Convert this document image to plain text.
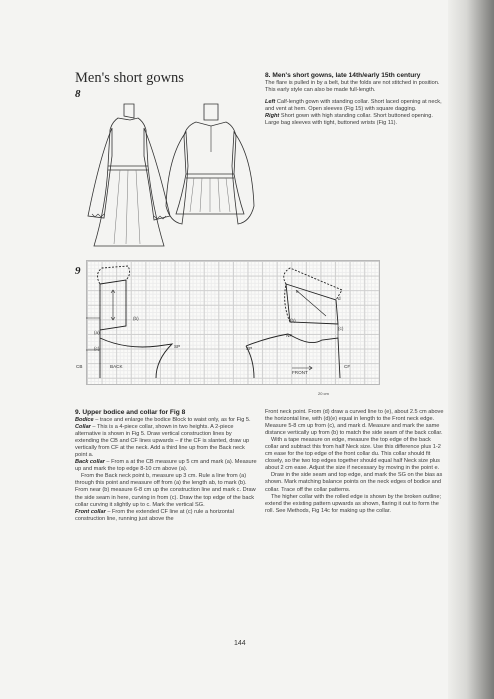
Men's short gowns
8
9
BACK
FRONT
CB	CF
SP	SP
NP
(a)
(b)
(c)
(b)
(c)
d
e
20 cm
8. Men's short gowns, late 14th/early 15th century

The flare is pulled in by a belt, but the folds are not stitched in position. This early style can also be made full-length.

Left Calf-length gown with standing collar. Short laced opening at neck, and vent at hem. Open sleeves (Fig 15) with square dagging.

Right Short gown with high standing collar. Short buttoned opening. Large bag sleeves with tight, buttoned wrists (Fig 11).

9. Upper bodice and collar for Fig 8

Bodice – trace and enlarge the bodice Block to waist only, as for Fig 5.

Collar – This is a 4-piece collar, shown in two heights. A 2-piece alternative is shown in Fig 5. Draw vertical construction lines by extending the CB and CF lines upwards – if the CF is slanted, draw up vertically from CF at the neck. Add a third line up from the Back neck point a.

Back collar – From a at the CB measure up 5 cm and mark (a). Measure up and mark the top edge 8-10 cm above (a).

From the Back neck point b, measure up 3 cm. Rule a line from (a) through this point and measure off from (a) the length ab, to mark (b). From near (b) measure 6-8 cm up the construction line and mark c. Draw the side seam in here, curving in from (c). Draw the top edge of the back collar curving it slightly up to c. Mark the vertical SG.

Front collar – From the extended CF line at (c) rule a horizontal construction line, running just above the

Front neck point. From (d) draw a curved line to (e), about 2.5 cm above the horizontal line, with (d)(e) equal in length to the Front neck edge. Measure 5-8 cm up from (c), and mark d. Measure and mark the same distance vertically up from (b) to match the side seam of the back collar.

With a tape measure on edge, measure the top edge of the back collar and subtract this from half Neck size. Use this difference plus 1-2 cm ease for the top edge of the front collar du. This collar should fit closely, so the two top edges together should equal half Neck size plus about 2 cm ease. Adjust the size if necessary by moving in the point e.

Draw in the side seam and top edge, and mark the SG on the bias as shown. Mark matching balance points on the neck edges of bodice and collar. Trace off the collar patterns.

The higher collar with the rolled edge is shown by the broken outline; extend the existing pattern upwards as shown, flaring it out to form the roll. See Methods, Fig 14c for making up the collar.

144
